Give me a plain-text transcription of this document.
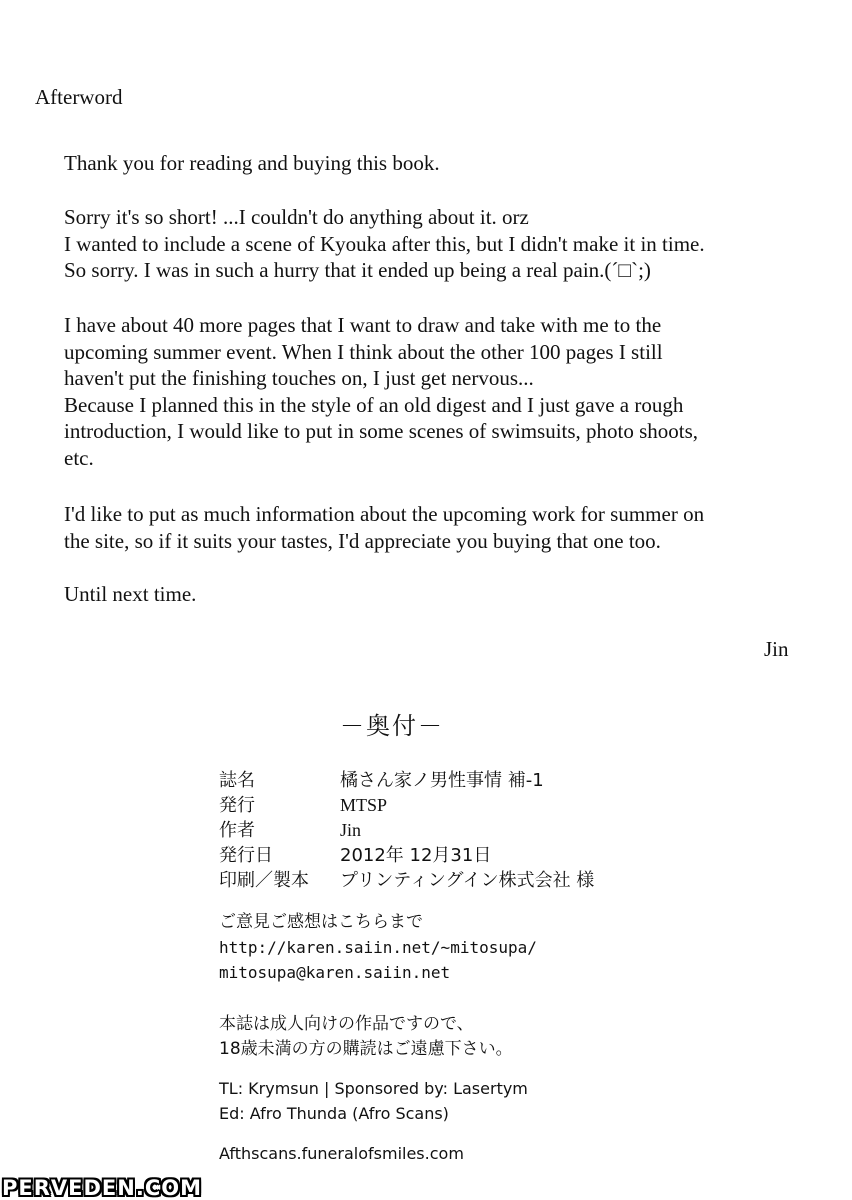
Afterword
Thank you for reading and buying this book.
Sorry it's so short! ...I couldn't do anything about it. orz
I wanted to include a scene of Kyouka after this, but I didn't make it in time.
So sorry. I was in such a hurry that it ended up being a real pain.(´□`;)
I have about 40 more pages that I want to draw and take with me to the
upcoming summer event. When I think about the other 100 pages I still
haven't put the finishing touches on, I just get nervous...
Because I planned this in the style of an old digest and I just gave a rough
introduction, I would like to put in some scenes of swimsuits, photo shoots,
etc.
I'd like to put as much information about the upcoming work for summer on
the site, so if it suits your tastes, I'd appreciate you buying that one too.
Until next time.
Jin
－奥付－
誌名	橘さん家ノ男性事情 補-1
発行	MTSP
作者	Jin
発行日	2012年 12月31日
印刷／製本	プリンティングイン株式会社 様
ご意見ご感想はこちらまで
http://karen.saiin.net/~mitosupa/
mitosupa@karen.saiin.net
本誌は成人向けの作品ですので、
18歳未満の方の購読はご遠慮下さい。
TL: Krymsun | Sponsored by: Lasertym
Ed: Afro Thunda (Afro Scans)
Afthscans.funeralofsmiles.com
PERVEDEN.COM
